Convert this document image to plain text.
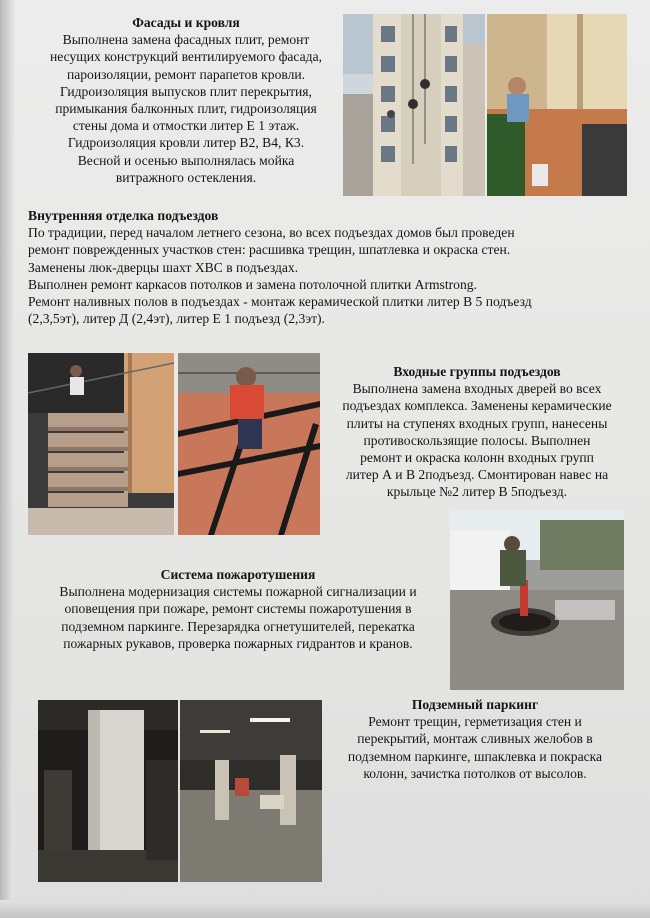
Фасады и кровля

Выполнена замена фасадных плит, ремонт

несущих конструкций вентилируемого фасада,

пароизоляции, ремонт парапетов кровли.

Гидроизоляция выпусков плит перекрытия,

примыкания балконных плит, гидроизоляция

стены дома и отмостки литер Е 1 этаж.

Гидроизоляция кровли литер В2, В4, К3.

Весной и осенью выполнялась мойка

витражного остекления.

Внутренняя отделка подъездов

По традиции, перед началом летнего сезона, во всех подъездах домов был проведен

ремонт поврежденных участков стен: расшивка трещин, шпатлевка и окраска стен.

Заменены люк-дверцы шахт ХВС в подъездах.

Выполнен ремонт каркасов потолков и замена потолочной плитки Armstrong.

Ремонт наливных полов в подъездах - монтаж керамической плитки литер В 5 подъезд

(2,3,5эт), литер Д (2,4эт), литер Е 1 подъезд (2,3эт).

Входные группы подъездов

Выполнена замена входных дверей во всех

подъездах комплекса. Заменены керамические

плиты на ступенях входных групп, нанесены

противоскользящие полосы. Выполнен

ремонт и окраска колонн входных групп

литер А и В 2подъезд. Смонтирован навес на

крыльце №2 литер В 5подъезд.

Система пожаротушения

Выполнена модернизация системы пожарной сигнализации и

оповещения при пожаре, ремонт системы пожаротушения в

подземном паркинге. Перезарядка огнетушителей, перекатка

пожарных рукавов, проверка пожарных гидрантов и кранов.

Подземный паркинг

Ремонт трещин, герметизация стен и

перекрытий, монтаж сливных желобов в

подземном паркинге, шпаклевка и покраска

колонн, зачистка потолков от высолов.
